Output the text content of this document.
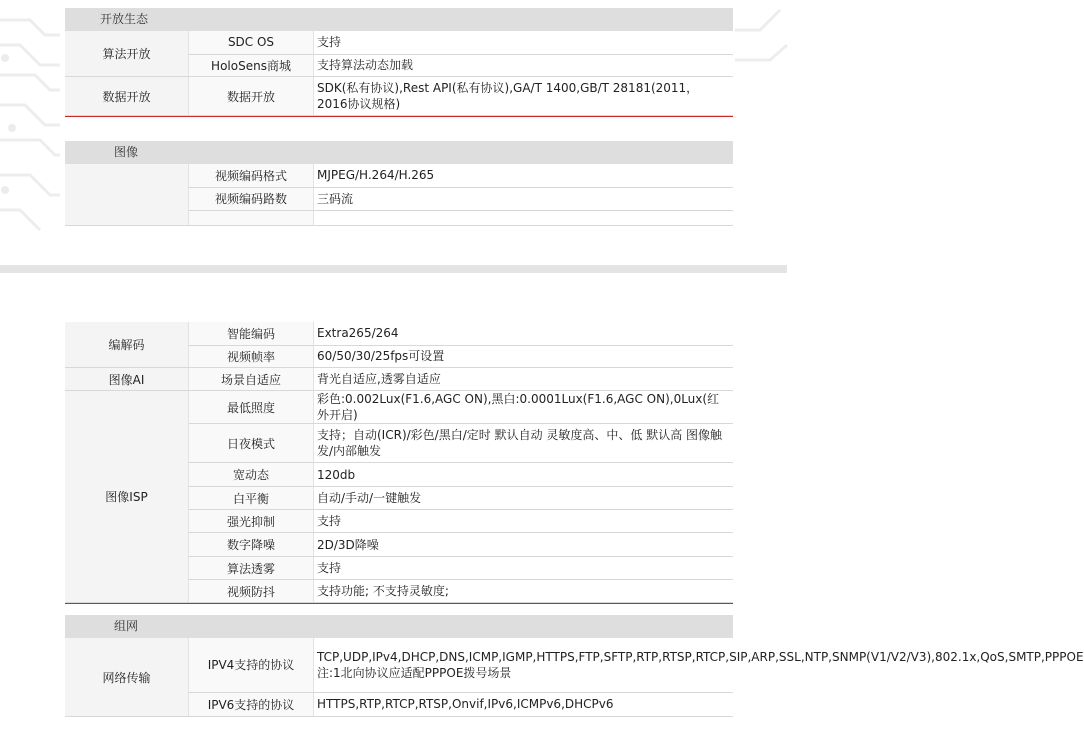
开放生态
算法开放	SDC OS	支持
	HoloSens商城	支持算法动态加载
数据开放	数据开放	SDK(私有协议),Rest API(私有协议),GA/T 1400,GB/T 28181(2011，2016协议规格)
图像
	视频编码格式	MJPEG/H.264/H.265
	视频编码路数	三码流

编解码	智能编码	Extra265/264
	视频帧率	60/50/30/25fps可设置
图像AI	场景自适应	背光自适应,透雾自适应
图像ISP	最低照度	彩色:0.002Lux(F1.6,AGC ON),黑白:0.0001Lux(F1.6,AGC ON),0Lux(红外开启)
	日夜模式	支持；自动(ICR)/彩色/黑白/定时 默认自动 灵敏度高、中、低 默认高 图像触发/内部触发
	宽动态	120db
	白平衡	自动/手动/一键触发
	强光抑制	支持
	数字降噪	2D/3D降噪
	算法透雾	支持
	视频防抖	支持功能; 不支持灵敏度;
组网
网络传输	IPV4支持的协议	TCP,UDP,IPv4,DHCP,DNS,ICMP,IGMP,HTTPS,FTP,SFTP,RTP,RTSP,RTCP,SIP,ARP,SSL,NTP,SNMP(V1/V2/V3),802.1x,QoS,SMTP,PPPOE 注:1北向协议应适配PPPOE拨号场景
	IPV6支持的协议	HTTPS,RTP,RTCP,RTSP,Onvif,IPv6,ICMPv6,DHCPv6
